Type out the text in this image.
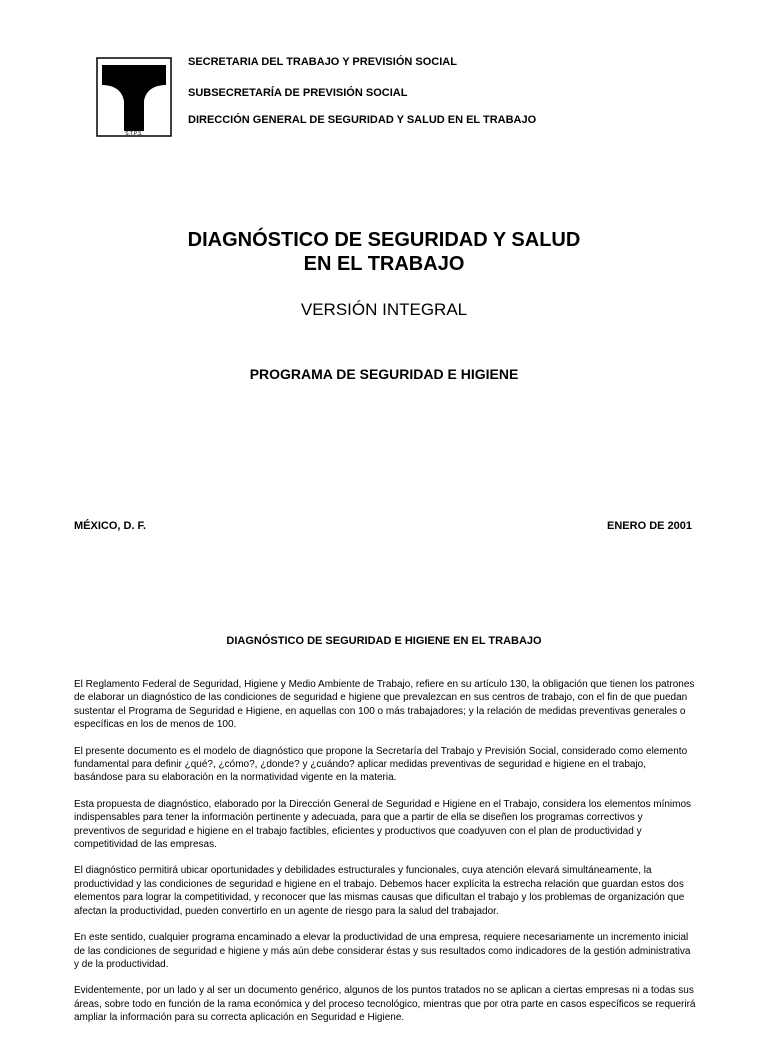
S.T.P.S.
SECRETARIA DEL TRABAJO Y PREVISIÓN SOCIAL
SUBSECRETARÍA DE PREVISIÓN SOCIAL
DIRECCIÓN GENERAL DE SEGURIDAD Y SALUD EN EL TRABAJO
DIAGNÓSTICO DE SEGURIDAD Y SALUD
EN EL TRABAJO
VERSIÓN INTEGRAL
PROGRAMA DE SEGURIDAD E HIGIENE
MÉXICO, D. F.	ENERO DE 2001
DIAGNÓSTICO DE SEGURIDAD E HIGIENE EN EL TRABAJO

El Reglamento Federal de Seguridad, Higiene y Medio Ambiente de Trabajo, refiere en su artículo 130, la obligación que tienen los patrones de elaborar un diagnóstico de las condiciones de seguridad e higiene que prevalezcan en sus centros de trabajo, con el fin de que puedan sustentar el Programa de Seguridad e Higiene, en aquellas con 100 o más trabajadores; y la relación de medidas preventivas generales o específicas en los de menos de 100.

El presente documento es el modelo de diagnóstico que propone la Secretaría del Trabajo y Previsión Social, considerado como elemento fundamental para definir ¿qué?, ¿cómo?, ¿donde? y ¿cuándo? aplicar medidas preventivas de seguridad e higiene en el trabajo, basándose para su elaboración en la normatividad vigente en la materia.

Esta propuesta de diagnóstico, elaborado por la Dirección General de Seguridad e Higiene en el Trabajo, considera los elementos mínimos indispensables para tener la información pertinente y adecuada, para que a partir de ella se diseñen los programas correctivos y preventivos de seguridad e higiene en el trabajo factibles, eficientes y productivos que coadyuven con el plan de productividad y competitividad de las empresas.

El diagnóstico permitirá ubicar oportunidades y debilidades estructurales y funcionales, cuya atención elevará simultáneamente, la productividad y las condiciones de seguridad e higiene en el trabajo. Debemos hacer explícita la estrecha relación que guardan estos dos elementos para lograr la competitividad, y reconocer que las mismas causas que dificultan el trabajo y los problemas de organización que afectan la productividad, pueden convertirlo en un agente de riesgo para la salud del trabajador.

En este sentido, cualquier programa encaminado a elevar la productividad de una empresa, requiere necesariamente un incremento inicial de las condiciones de seguridad e higiene y más aún debe considerar éstas y sus resultados como indicadores de la gestión administrativa y de la productividad.

Evidentemente, por un lado y al ser un documento genérico, algunos de los puntos tratados no se aplican a ciertas empresas ni a todas sus áreas, sobre todo en función de la rama económica y del proceso tecnológico, mientras que por otra parte en casos específicos se requerirá ampliar la información para su correcta aplicación en Seguridad e Higiene.
